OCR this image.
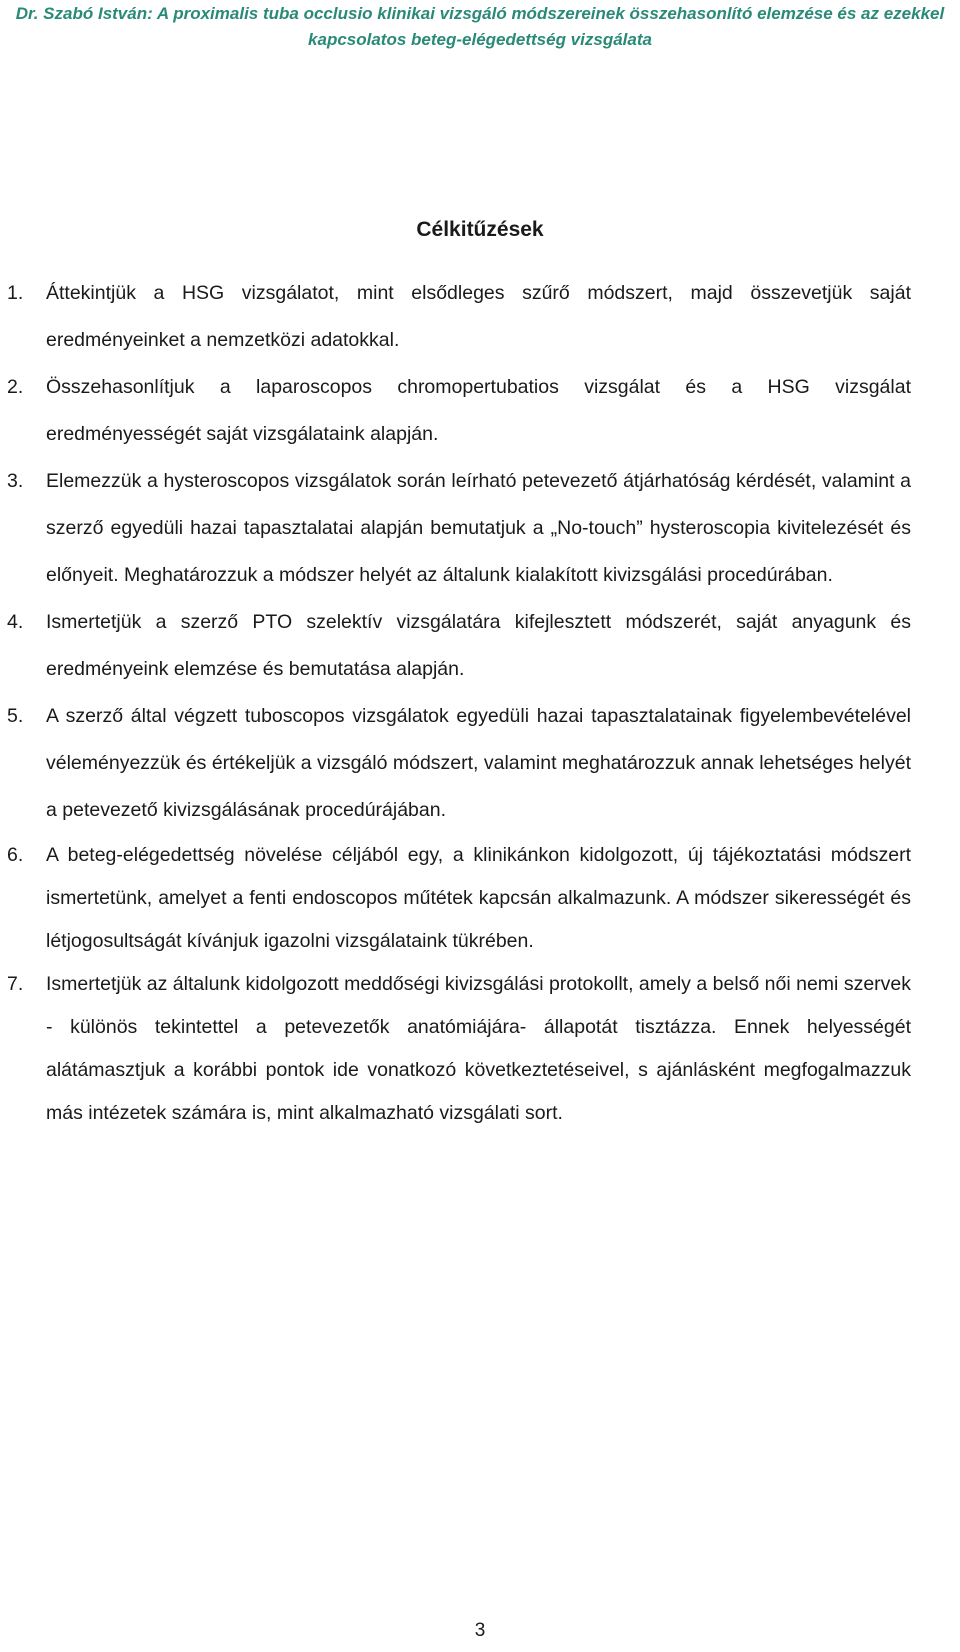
Dr. Szabó István: A proximalis tuba occlusio klinikai vizsgáló módszereinek összehasonlító elemzése és az ezekkel
kapcsolatos beteg-elégedettség vizsgálata
Célkitűzések
1. Áttekintjük a HSG vizsgálatot, mint elsődleges szűrő módszert, majd összevetjük saját eredményeinket a nemzetközi adatokkal.
2. Összehasonlítjuk a laparoscopos chromopertubatios vizsgálat és a HSG vizsgálat eredményességét saját vizsgálataink alapján.
3. Elemezzük a hysteroscopos vizsgálatok során leírható petevezető átjárhatóság kérdését, valamint a szerző egyedüli hazai tapasztalatai alapján bemutatjuk a „No-touch” hysteroscopia kivitelezését és előnyeit. Meghatározzuk a módszer helyét az általunk kialakított kivizsgálási procedúrában.
4. Ismertetjük a szerző PTO szelektív vizsgálatára kifejlesztett módszerét, saját anyagunk és eredményeink elemzése és bemutatása alapján.
5. A szerző által végzett tuboscopos vizsgálatok egyedüli hazai tapasztalatainak figyelembevételével véleményezzük és értékeljük a vizsgáló módszert, valamint meghatározzuk annak lehetséges helyét a petevezető kivizsgálásának procedúrájában.
6. A beteg-elégedettség növelése céljából egy, a klinikánkon kidolgozott, új tájékoztatási módszert ismertetünk, amelyet a fenti endoscopos műtétek kapcsán alkalmazunk. A módszer sikerességét és létjogosultságát kívánjuk igazolni vizsgálataink tükrében.
7. Ismertetjük az általunk kidolgozott meddőségi kivizsgálási protokollt, amely a belső női nemi szervek - különös tekintettel a petevezetők anatómiájára- állapotát tisztázza. Ennek helyességét alátámasztjuk a korábbi pontok ide vonatkozó következtetéseivel, s ajánlásként megfogalmazzuk más intézetek számára is, mint alkalmazható vizsgálati sort.
3
